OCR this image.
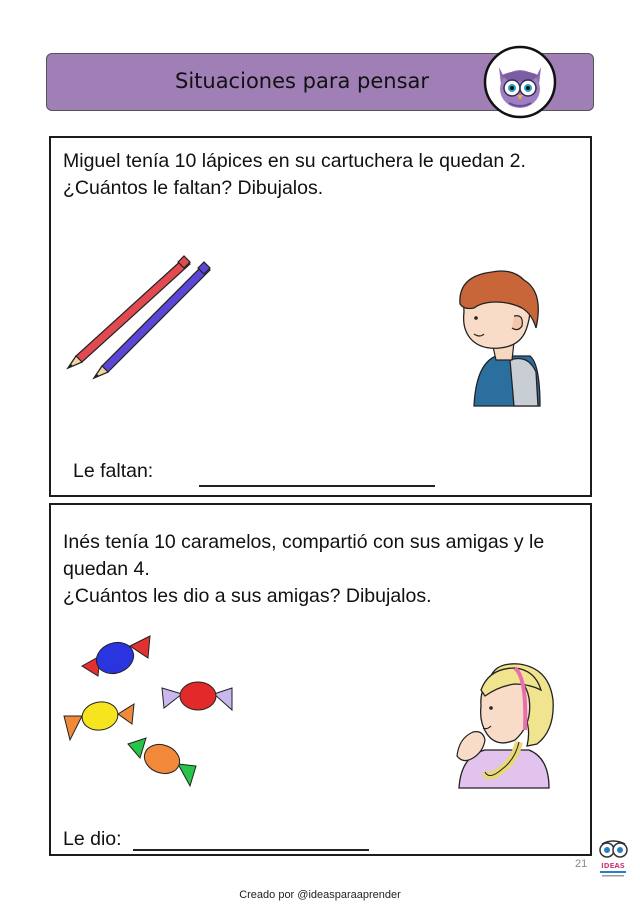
Situaciones para pensar
Miguel tenía 10 lápices en su cartuchera le quedan 2.
¿Cuántos le faltan? Dibujalos.
Le faltan:
Inés tenía 10 caramelos, compartió con sus amigas y le
quedan 4.
¿Cuántos les dio a sus amigas? Dibujalos.
Le dio:
21 IDEAS
Creado por @ideasparaaprender
